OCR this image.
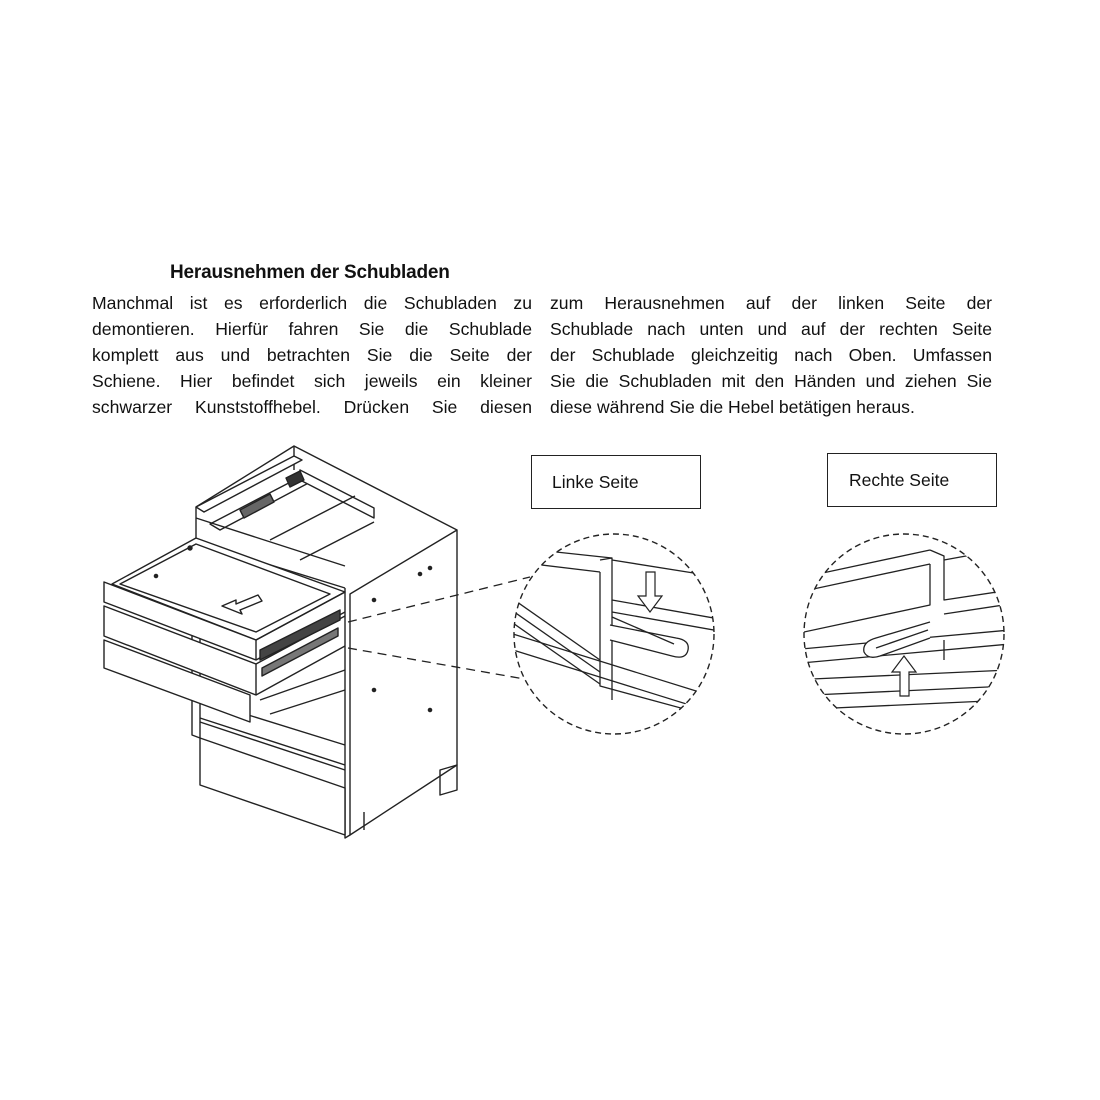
Herausnehmen der Schubladen
Manchmal ist es erforderlich die Schubladen zu
demontieren. Hierfür fahren Sie die Schublade
komplett aus und betrachten Sie die Seite der
Schiene. Hier befindet sich jeweils ein kleiner
schwarzer Kunststoffhebel. Drücken Sie diesen
zum Herausnehmen auf der linken Seite der
Schublade nach unten und auf der rechten Seite
der Schublade gleichzeitig nach Oben. Umfassen
Sie die Schubladen mit den Händen und ziehen Sie
diese während Sie die Hebel betätigen heraus.
Linke Seite	Rechte Seite
